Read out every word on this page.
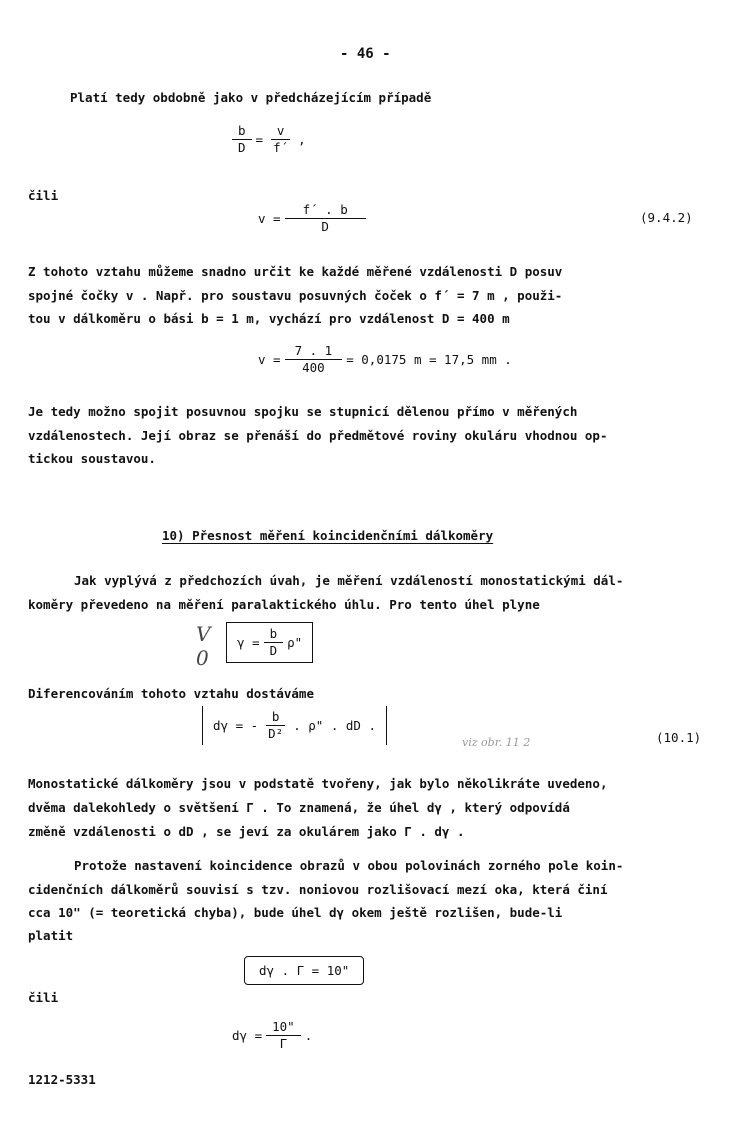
- 46 -
Platí tedy obdobně jako v předcházejícím případě
$\frac{b}{D} = \frac{v}{f´}$ ,
čili
$v = \frac{f´ . b}{D}$	(9.4.2)
Z tohoto vztahu můžeme snadno určit ke každé měřené vzdálenosti D posuv
spojné čočky v . Např. pro soustavu posuvných čoček o f´ = 7 m , použi-
tou v dálkoměru o bási b = 1 m, vychází pro vzdálenost D = 400 m
$v = \frac{7 . 1}{400} = 0,0175$ m = 17,5 mm .
Je tedy možno spojit posuvnou spojku se stupnicí dělenou přímo v měřených
vzdálenostech. Její obraz se přenáší do předmětové roviny okuláru vhodnou op-
tickou soustavou.
10) Přesnost měření koincidenčními dálkoměry
Jak vyplývá z předchozích úvah, je měření vzdáleností monostatickými dál-
koměry převedeno na měření paralaktického úhlu. Pro tento úhel plyne
V
0
$\gamma = \frac{b}{D} \rho$"
Diferencováním tohoto vztahu dostáváme
dγ = - $\frac{b}{\text{D²}}$ . ρ" . dD .
viz obr. 11 2	(10.1)
Monostatické dálkoměry jsou v podstatě tvořeny, jak bylo několikráte uvedeno,
dvěma dalekohledy o světšení Γ . To znamená, že úhel dγ , který odpovídá
změně vzdálenosti o dD , se jeví za okulárem jako Γ . dγ .
Protože nastavení koincidence obrazů v obou polovinách zorného pole koin-
cidenčních dálkoměrů souvisí s tzv. noniovou rozlišovací mezí oka, která činí
cca 10" (= teoretická chyba), bude úhel dγ okem ještě rozlišen, bude-li
platit
dγ . Γ = 10"
čili
$d\gamma = \frac{10"}{\Gamma}$ .
1212-5331
